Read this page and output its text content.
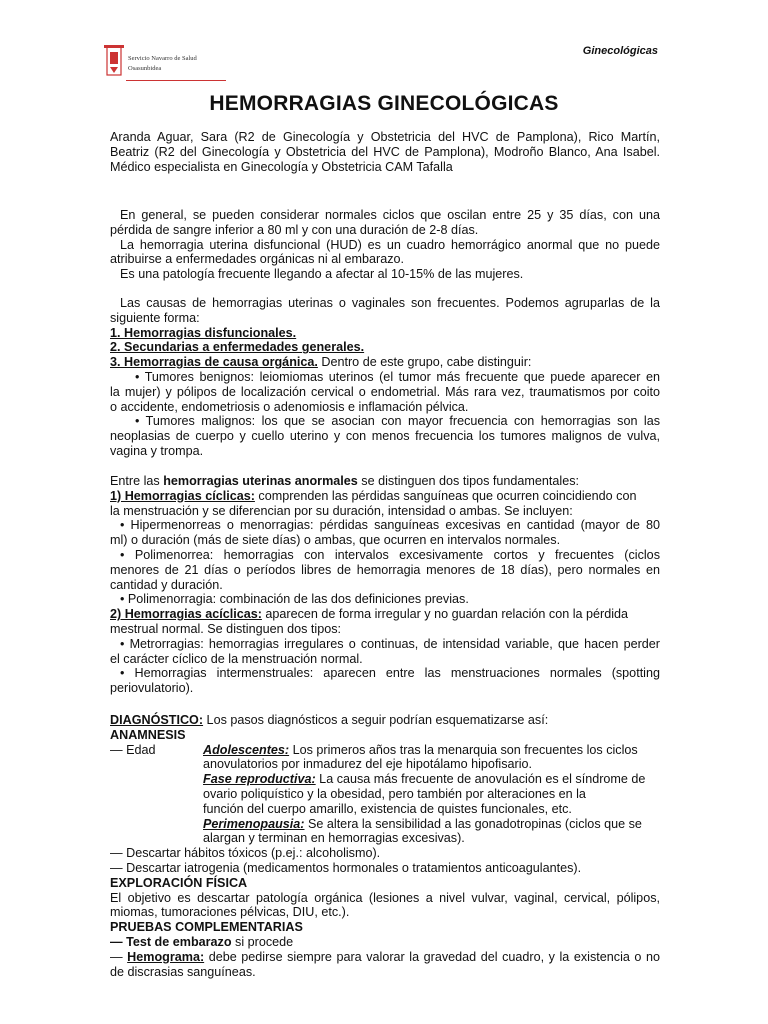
Servicio Navarro de Salud
Osasunbidea
Ginecológicas
HEMORRAGIAS GINECOLÓGICAS
Aranda Aguar, Sara (R2 de Ginecología y Obstetricia del HVC de Pamplona), Rico Martín,
Beatriz (R2 del Ginecología y Obstetricia del HVC de Pamplona), Modroño Blanco, Ana Isabel.
Médico especialista en Ginecología y Obstetricia CAM Tafalla
En general, se pueden considerar normales ciclos que oscilan entre 25 y 35 días, con una
pérdida de sangre inferior a 80 ml y con una duración de 2-8 días.
La hemorragia uterina disfuncional (HUD) es un cuadro hemorrágico anormal que no puede
atribuirse a enfermedades orgánicas ni al embarazo.
Es una patología frecuente llegando a afectar al 10-15% de las mujeres.
Las causas de hemorragias uterinas o vaginales son frecuentes. Podemos agruparlas de la
siguiente forma:
1. Hemorragias disfuncionales.
2. Secundarias a enfermedades generales.
3. Hemorragias de causa orgánica. Dentro de este grupo, cabe distinguir:
• Tumores benignos: leiomiomas uterinos (el tumor más frecuente que puede aparecer en
la mujer) y pólipos de localización cervical o endometrial. Más rara vez, traumatismos por coito
o accidente, endometriosis o adenomiosis e inflamación pélvica.
• Tumores malignos: los que se asocian con mayor frecuencia con hemorragias son las
neoplasias de cuerpo y cuello uterino y con menos frecuencia los tumores malignos de vulva,
vagina y trompa.
Entre las hemorragias uterinas anormales se distinguen dos tipos fundamentales:
1) Hemorragias cíclicas: comprenden las pérdidas sanguíneas que ocurren coincidiendo con
la menstruación y se diferencian por su duración, intensidad o ambas. Se incluyen:
• Hipermenorreas o menorragias: pérdidas sanguíneas excesivas en cantidad (mayor de 80
ml) o duración (más de siete días) o ambas, que ocurren en intervalos normales.
• Polimenorrea: hemorragias con intervalos excesivamente cortos y frecuentes (ciclos
menores de 21 días o períodos libres de hemorragia menores de 18 días), pero normales en
cantidad y duración.
• Polimenorragia: combinación de las dos definiciones previas.
2) Hemorragias acíclicas: aparecen de forma irregular y no guardan relación con la pérdida
mestrual normal. Se distinguen dos tipos:
• Metrorragias: hemorragias irregulares o continuas, de intensidad variable, que hacen perder
el carácter cíclico de la menstruación normal.
• Hemorragias intermenstruales: aparecen entre las menstruaciones normales (spotting
periovulatorio).
DIAGNÓSTICO: Los pasos diagnósticos a seguir podrían esquematizarse así:
ANAMNESIS
— Edad	Adolescentes: Los primeros años tras la menarquia son frecuentes los ciclos
anovulatorios por inmadurez del eje hipotálamo hipofisario.
Fase reproductiva: La causa más frecuente de anovulación es el síndrome de
ovario poliquístico y la obesidad, pero también por alteraciones en la
función del cuerpo amarillo, existencia de quistes funcionales, etc.
Perimenopausia: Se altera la sensibilidad a las gonadotropinas (ciclos que se
alargan y terminan en hemorragias excesivas).
— Descartar hábitos tóxicos (p.ej.: alcoholismo).
— Descartar iatrogenia (medicamentos hormonales o tratamientos anticoagulantes).
EXPLORACIÓN FÍSICA
El objetivo es descartar patología orgánica (lesiones a nivel vulvar, vaginal, cervical, pólipos,
miomas, tumoraciones pélvicas, DIU, etc.).
PRUEBAS COMPLEMENTARIAS
— Test de embarazo si procede
— Hemograma: debe pedirse siempre para valorar la gravedad del cuadro, y la existencia o no
de discrasias sanguíneas.
